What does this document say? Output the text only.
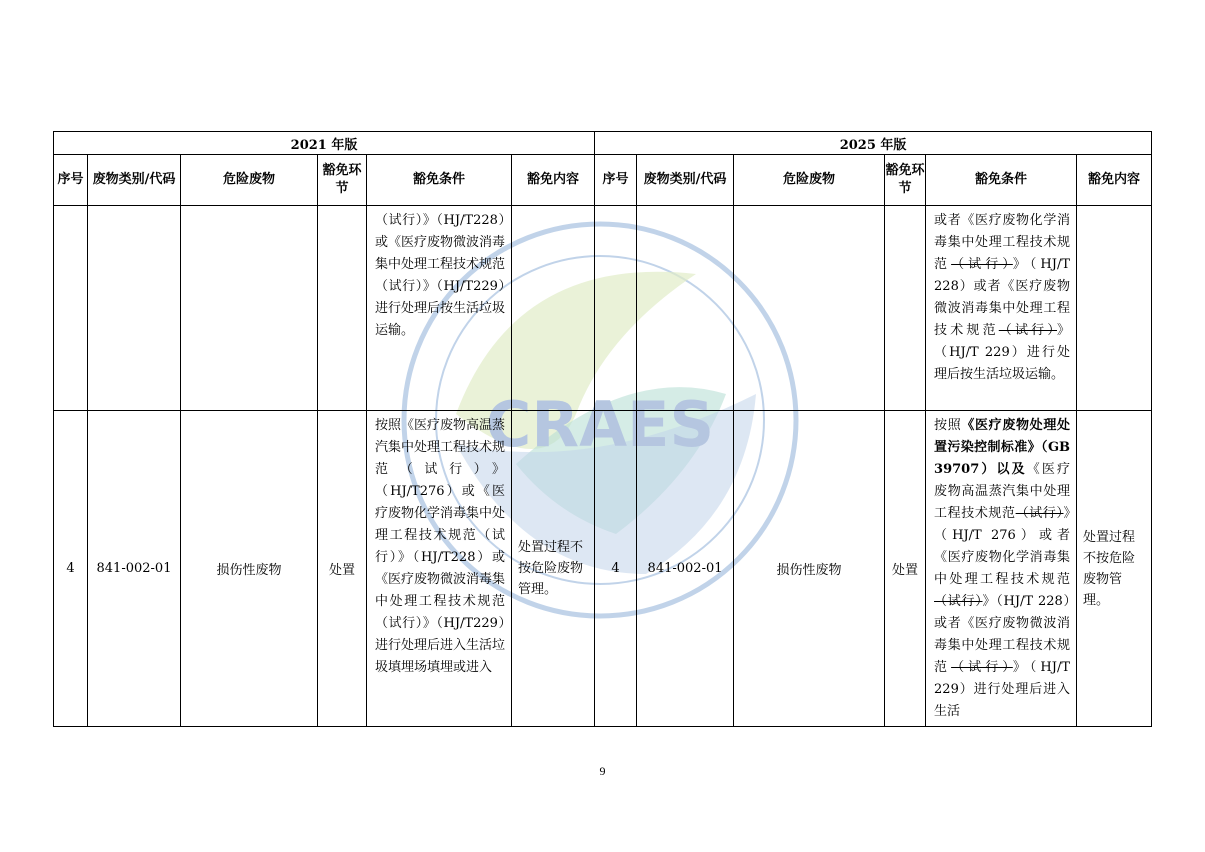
CRAES
2021 年版						2025 年版					
序号	废物类别/代码	危险废物	豁免环节	豁免条件	豁免内容	序号	废物类别/代码	危险废物	豁免环节	豁免条件	豁免内容
				（试行）》（HJ/T228）或《医疗废物微波消毒集中处理工程技术规范（试行）》（HJ/T229）进行处理后按生活垃圾运输。						或者《医疗废物化学消毒集中处理工程技术规范（试行）》（HJ/T 228）或者《医疗废物微波消毒集中处理工程技术规范（试行）》（HJ/T 229）进行处理后按生活垃圾运输。	
4	841-002-01	损伤性废物	处置	按照《医疗废物高温蒸汽集中处理工程技术规范（试行）》（HJ/T276）或《医疗废物化学消毒集中处理工程技术规范（试行）》（HJ/T228）或《医疗废物微波消毒集中处理工程技术规范（试行）》（HJ/T229）进行处理后进入生活垃圾填埋场填埋或进入	处置过程不按危险废物管理。	4	841-002-01	损伤性废物	处置	按照《医疗废物处理处置污染控制标准》（GB 39707）以及《医疗废物高温蒸汽集中处理工程技术规范（试行）》（HJ/T 276）或者《医疗废物化学消毒集中处理工程技术规范（试行）》（HJ/T 228）或者《医疗废物微波消毒集中处理工程技术规范（试行）》（HJ/T 229）进行处理后进入生活	处置过程不按危险废物管理。
9
